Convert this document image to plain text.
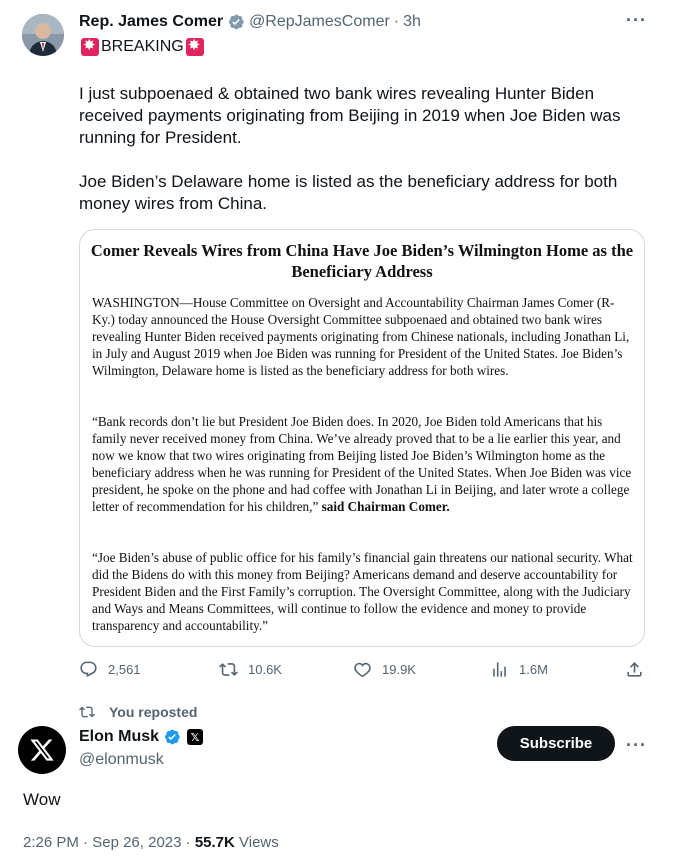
Rep. James Comer @RepJamesComer · 3h	···
✸
BREAKING
✸
I just subpoenaed & obtained two bank wires revealing Hunter Biden received payments originating from Beijing in 2019 when Joe Biden was running for President.
Joe Biden’s Delaware home is listed as the beneficiary address for both money wires from China.
Comer Reveals Wires from China Have Joe Biden’s Wilmington Home as the Beneficiary Address
WASHINGTON—House Committee on Oversight and Accountability Chairman James Comer (R-Ky.) today announced the House Oversight Committee subpoenaed and obtained two bank wires revealing Hunter Biden received payments originating from Chinese nationals, including Jonathan Li, in July and August 2019 when Joe Biden was running for President of the United States. Joe Biden’s Wilmington, Delaware home is listed as the beneficiary address for both wires.
“Bank records don’t lie but President Joe Biden does. In 2020, Joe Biden told Americans that his family never received money from China. We’ve already proved that to be a lie earlier this year, and now we know that two wires originating from Beijing listed Joe Biden’s Wilmington home as the beneficiary address when he was running for President of the United States. When Joe Biden was vice president, he spoke on the phone and had coffee with Jonathan Li in Beijing, and later wrote a college letter of recommendation for his children,” said Chairman Comer.
“Joe Biden’s abuse of public office for his family’s financial gain threatens our national security. What did the Bidens do with this money from Beijing? Americans demand and deserve accountability for President Biden and the First Family’s corruption. The Oversight Committee, along with the Judiciary and Ways and Means Committees, will continue to follow the evidence and money to provide transparency and accountability.”
2,561	10.6K	19.9K	1.6M
You reposted
Elon Musk	𝕏
@elonmusk
Subscribe	···
Wow
2:26 PM · Sep 26, 2023 · 55.7K Views
